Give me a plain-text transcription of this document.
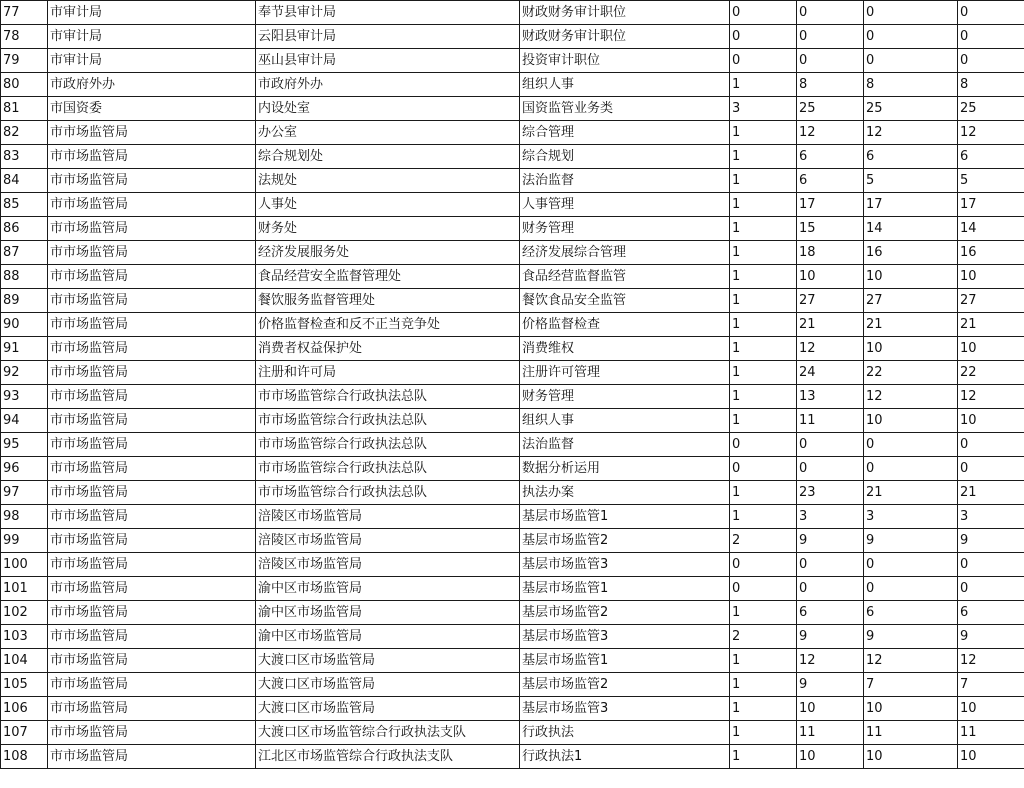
77	市审计局	奉节县审计局	财政财务审计职位	0	0	0	0
78	市审计局	云阳县审计局	财政财务审计职位	0	0	0	0
79	市审计局	巫山县审计局	投资审计职位	0	0	0	0
80	市政府外办	市政府外办	组织人事	1	8	8	8
81	市国资委	内设处室	国资监管业务类	3	25	25	25
82	市市场监管局	办公室	综合管理	1	12	12	12
83	市市场监管局	综合规划处	综合规划	1	6	6	6
84	市市场监管局	法规处	法治监督	1	6	5	5
85	市市场监管局	人事处	人事管理	1	17	17	17
86	市市场监管局	财务处	财务管理	1	15	14	14
87	市市场监管局	经济发展服务处	经济发展综合管理	1	18	16	16
88	市市场监管局	食品经营安全监督管理处	食品经营监督监管	1	10	10	10
89	市市场监管局	餐饮服务监督管理处	餐饮食品安全监管	1	27	27	27
90	市市场监管局	价格监督检查和反不正当竞争处	价格监督检查	1	21	21	21
91	市市场监管局	消费者权益保护处	消费维权	1	12	10	10
92	市市场监管局	注册和许可局	注册许可管理	1	24	22	22
93	市市场监管局	市市场监管综合行政执法总队	财务管理	1	13	12	12
94	市市场监管局	市市场监管综合行政执法总队	组织人事	1	11	10	10
95	市市场监管局	市市场监管综合行政执法总队	法治监督	0	0	0	0
96	市市场监管局	市市场监管综合行政执法总队	数据分析运用	0	0	0	0
97	市市场监管局	市市场监管综合行政执法总队	执法办案	1	23	21	21
98	市市场监管局	涪陵区市场监管局	基层市场监管1	1	3	3	3
99	市市场监管局	涪陵区市场监管局	基层市场监管2	2	9	9	9
100	市市场监管局	涪陵区市场监管局	基层市场监管3	0	0	0	0
101	市市场监管局	渝中区市场监管局	基层市场监管1	0	0	0	0
102	市市场监管局	渝中区市场监管局	基层市场监管2	1	6	6	6
103	市市场监管局	渝中区市场监管局	基层市场监管3	2	9	9	9
104	市市场监管局	大渡口区市场监管局	基层市场监管1	1	12	12	12
105	市市场监管局	大渡口区市场监管局	基层市场监管2	1	9	7	7
106	市市场监管局	大渡口区市场监管局	基层市场监管3	1	10	10	10
107	市市场监管局	大渡口区市场监管综合行政执法支队	行政执法	1	11	11	11
108	市市场监管局	江北区市场监管综合行政执法支队	行政执法1	1	10	10	10
